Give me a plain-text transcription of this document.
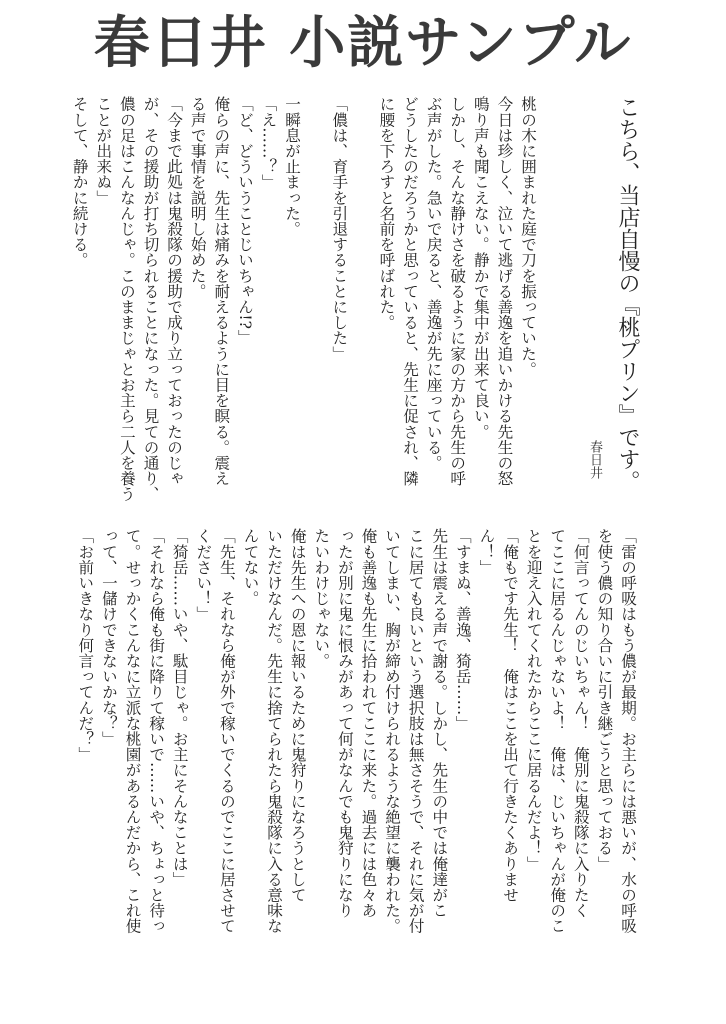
春日井 小説サンプル
こちら、当店自慢の『桃プリン』です。
春日井
桃の木に囲まれた庭で刀を振っていた。
今日は珍しく、泣いて逃げる善逸を追いかける先生の怒
鳴り声も聞こえない。静かで集中が出来て良い。
しかし、そんな静けさを破るように家の方から先生の呼
ぶ声がした。急いで戻ると、善逸が先に座っている。
どうしたのだろうかと思っていると、先生に促され、隣
に腰を下ろすと名前を呼ばれた。
「儂は、育手を引退することにした」
一瞬息が止まった。
「え……？」
「ど、どういうことじいちゃん!?」
俺らの声に、先生は痛みを耐えるように目を瞑る。震え
る声で事情を説明し始めた。
「今まで此処は鬼殺隊の援助で成り立っておったのじゃ
が、その援助が打ち切られることになった。見ての通り、
儂の足はこんなんじゃ。このままじゃとお主ら二人を養う
ことが出来ぬ」
そして、静かに続ける。
「雷の呼吸はもう儂が最期。お主らには悪いが、水の呼吸
を使う儂の知り合いに引き継ごうと思っておる」
「何言ってんのじいちゃん！　俺別に鬼殺隊に入りたく
てここに居るんじゃないよ！　俺は、じいちゃんが俺のこ
とを迎え入れてくれたからここに居るんだよ！」
「俺もです先生！　俺はここを出て行きたくありませ
ん！」
「すまぬ、善逸、猗岳……」
先生は震える声で謝る。しかし、先生の中では俺達がこ
こに居ても良いという選択肢は無さそうで、それに気が付
いてしまい、胸が締め付けられるような絶望に襲われた。
俺も善逸も先生に拾われてここに来た。過去には色々あ
ったが別に鬼に恨みがあって何がなんでも鬼狩りになり
たいわけじゃない。
俺は先生への恩に報いるために鬼狩りになろうとして
いただけなんだ。先生に捨てられたら鬼殺隊に入る意味な
んてない。
「先生、それなら俺が外で稼いでくるのでここに居させて
ください！」
「猗岳……いや、駄目じゃ。お主にそんなことは」
「それなら俺も街に降りて稼いで……いや、ちょっと待っ
て。せっかくこんなに立派な桃園があるんだから、これ使
って、一儲けできないかな？」
「お前いきなり何言ってんだ？」
